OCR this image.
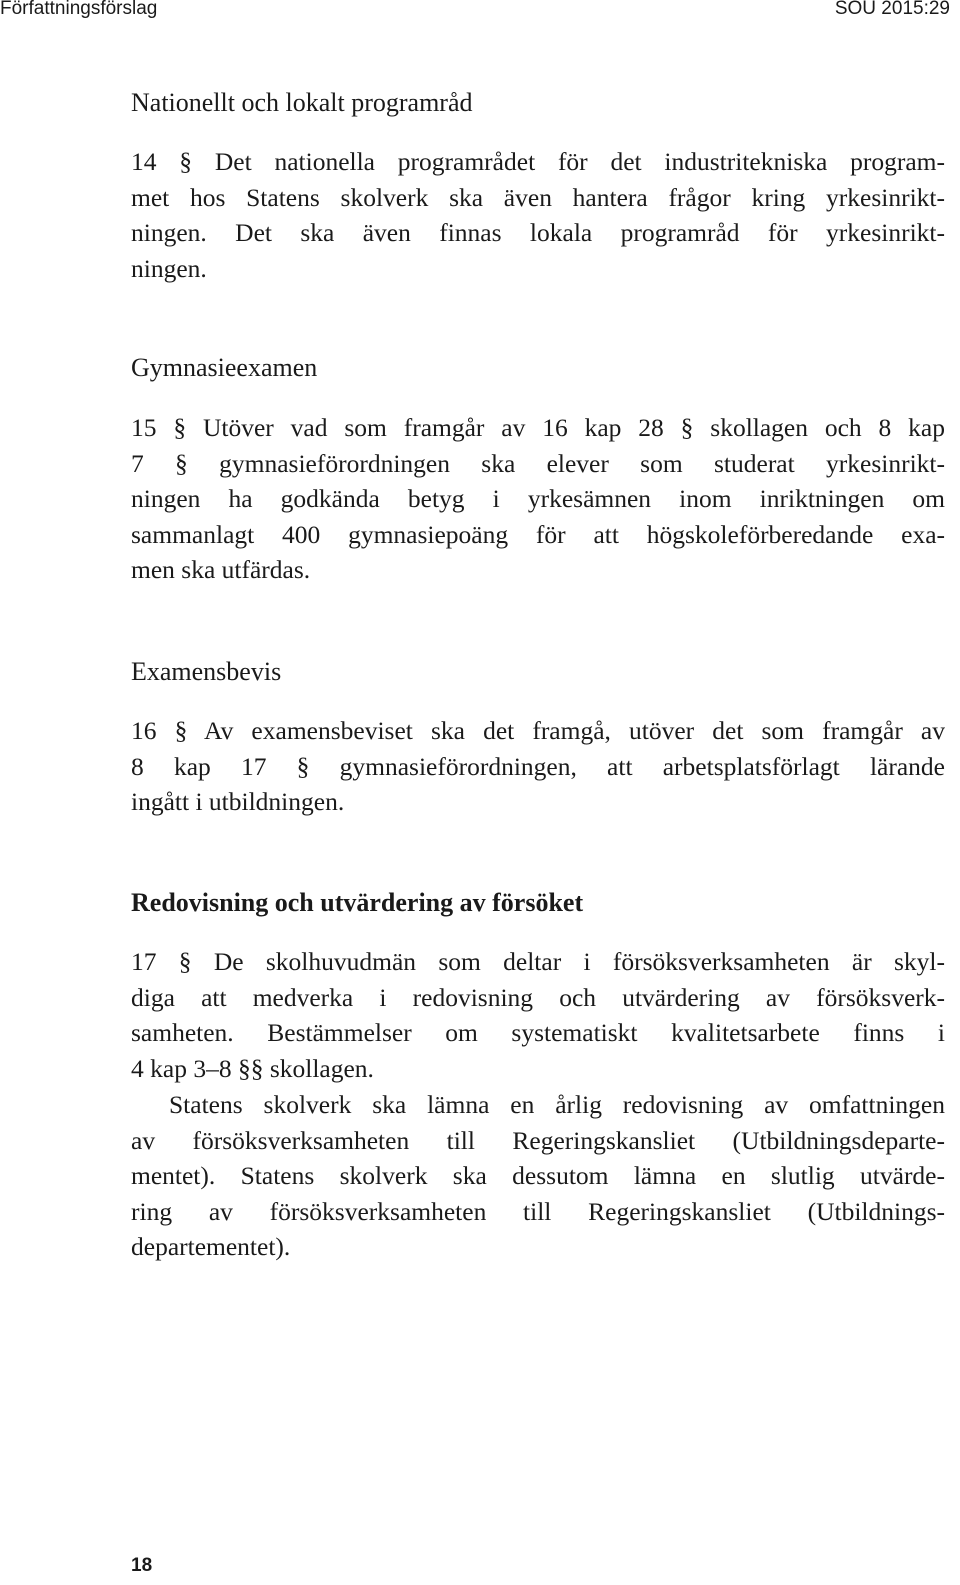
Författningsförslag	SOU 2015:29
Nationellt och lokalt programråd
14 § Det nationella programrådet för det industritekniska program-
met hos Statens skolverk ska även hantera frågor kring yrkesinrikt-
ningen. Det ska även finnas lokala programråd för yrkesinrikt-
ningen.
Gymnasieexamen
15 § Utöver vad som framgår av 16 kap 28 § skollagen och 8 kap
7 § gymnasieförordningen ska elever som studerat yrkesinrikt-
ningen ha godkända betyg i yrkesämnen inom inriktningen om
sammanlagt 400 gymnasiepoäng för att högskoleförberedande exa-
men ska utfärdas.
Examensbevis
16 § Av examensbeviset ska det framgå, utöver det som framgår av
8 kap 17 § gymnasieförordningen, att arbetsplatsförlagt lärande
ingått i utbildningen.
Redovisning och utvärdering av försöket
17 § De skolhuvudmän som deltar i försöksverksamheten är skyl-
diga att medverka i redovisning och utvärdering av försöksverk-
samheten. Bestämmelser om systematiskt kvalitetsarbete finns i
4 kap 3–8 §§ skollagen.
Statens skolverk ska lämna en årlig redovisning av omfattningen
av försöksverksamheten till Regeringskansliet (Utbildningsdeparte-
mentet). Statens skolverk ska dessutom lämna en slutlig utvärde-
ring av försöksverksamheten till Regeringskansliet (Utbildnings-
departementet).
18
